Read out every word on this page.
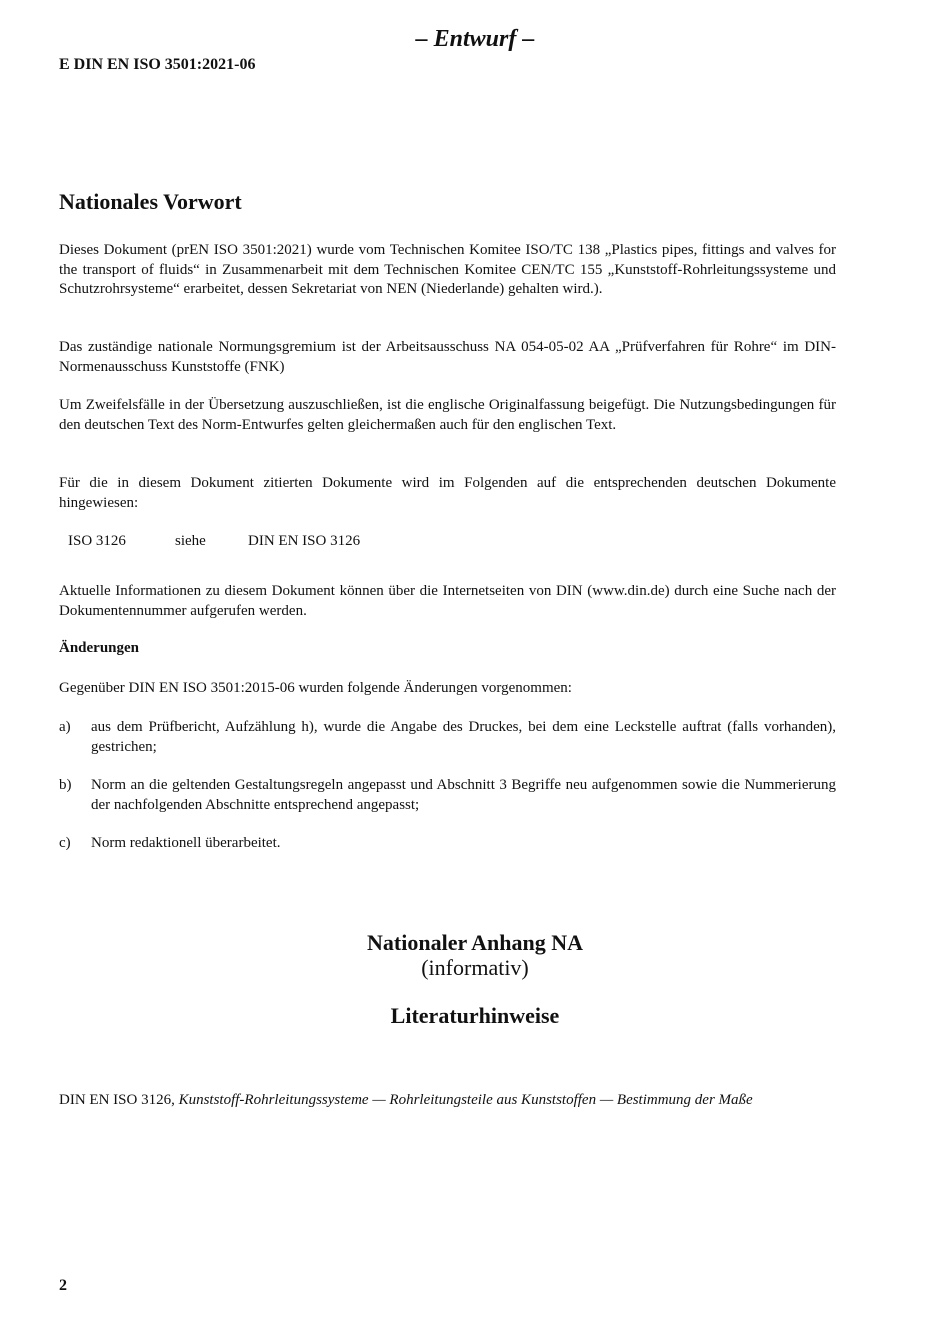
– Entwurf –
E DIN EN ISO 3501:2021-06
Nationales Vorwort
Dieses Dokument (prEN ISO 3501:2021) wurde vom Technischen Komitee ISO/TC 138 „Plastics pipes, fittings and valves for the transport of fluids“ in Zusammenarbeit mit dem Technischen Komitee CEN/TC 155 „Kunststoff-Rohrleitungssysteme und Schutzrohrsysteme“ erarbeitet, dessen Sekretariat von NEN (Niederlande) gehalten wird.).
Das zuständige nationale Normungsgremium ist der Arbeitsausschuss NA 054-05-02 AA „Prüfverfahren für Rohre“ im DIN-Normenausschuss Kunststoffe (FNK)
Um Zweifelsfälle in der Übersetzung auszuschließen, ist die englische Originalfassung beigefügt. Die Nutzungsbedingungen für den deutschen Text des Norm-Entwurfes gelten gleichermaßen auch für den englischen Text.
Für die in diesem Dokument zitierten Dokumente wird im Folgenden auf die entsprechenden deutschen Dokumente hingewiesen:
ISO 3126	siehe	DIN EN ISO 3126
Aktuelle Informationen zu diesem Dokument können über die Internetseiten von DIN (www.din.de) durch eine Suche nach der Dokumentennummer aufgerufen werden.
Änderungen
Gegenüber DIN EN ISO 3501:2015-06 wurden folgende Änderungen vorgenommen:
a) aus dem Prüfbericht, Aufzählung h), wurde die Angabe des Druckes, bei dem eine Leckstelle auftrat (falls vorhanden), gestrichen;
b) Norm an die geltenden Gestaltungsregeln angepasst und Abschnitt 3 Begriffe neu aufgenommen sowie die Nummerierung der nachfolgenden Abschnitte entsprechend angepasst;
c) Norm redaktionell überarbeitet.
Nationaler Anhang NA
(informativ)
Literaturhinweise
DIN EN ISO 3126, Kunststoff-Rohrleitungssysteme — Rohrleitungsteile aus Kunststoffen — Bestimmung der Maße
2
